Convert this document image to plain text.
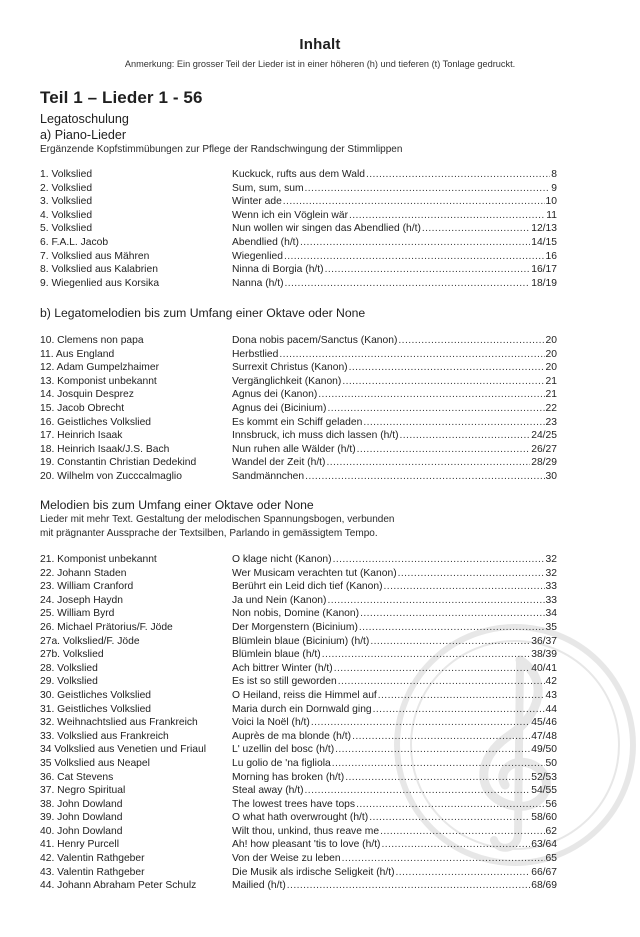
Inhalt
Anmerkung: Ein grosser Teil der Lieder ist in einer höheren (h) und tieferen (t) Tonlage gedruckt.
Teil 1 – Lieder 1 - 56
Legatoschulung
a) Piano-Lieder
Ergänzende Kopfstimmübungen zur Pflege der Randschwingung der Stimmlippen
1. Volkslied	Kuckuck, rufts aus dem Wald .....	8
2. Volkslied	Sum, sum, sum .....	9
3. Volkslied	Winter ade .....	10
4. Volkslied	Wenn ich ein Vöglein wär .....	11
5. Volkslied	Nun wollen wir singen das Abendlied (h/t) .....	12/13
6. F.A.L. Jacob	Abendlied (h/t) .....	14/15
7. Volkslied aus Mähren	Wiegenlied .....	16
8. Volkslied aus Kalabrien	Ninna di Borgia (h/t) .....	16/17
9. Wiegenlied aus Korsika	Nanna (h/t) .....	18/19
b) Legatomelodien bis zum Umfang einer Oktave oder None
10. Clemens non papa	Dona nobis pacem/Sanctus (Kanon) .....	20
11. Aus England	Herbstlied .....	20
12. Adam Gumpelzhaimer	Surrexit Christus (Kanon) .....	20
13. Komponist unbekannt	Vergänglichkeit (Kanon) .....	21
14. Josquin Desprez	Agnus dei (Kanon) .....	21
15. Jacob Obrecht	Agnus dei (Bicinium) .....	22
16. Geistliches Volkslied	Es kommt ein Schiff geladen .....	23
17. Heinrich Isaak	Innsbruck, ich muss dich lassen (h/t) .....	24/25
18. Heinrich Isaak/J.S. Bach	Nun ruhen alle Wälder (h/t) .....	26/27
19. Constantin Christian Dedekind	Wandel der Zeit (h/t) .....	28/29
20. Wilhelm von Zucccalmaglio	Sandmännchen .....	30
Melodien bis zum Umfang einer Oktave oder None
Lieder mit mehr Text. Gestaltung der melodischen Spannungsbogen, verbunden
mit prägnanter Aussprache der Textsilben, Parlando in gemässigtem Tempo.
21. Komponist unbekannt	O klage nicht (Kanon) .....	32
22. Johann Staden	Wer Musicam verachten tut (Kanon) .....	32
23. William Cranford	Berührt ein Leid dich tief (Kanon) .....	33
24. Joseph Haydn	Ja und Nein (Kanon) .....	33
25. William Byrd	Non nobis, Domine (Kanon) .....	34
26. Michael Prätorius/F. Jöde	Der Morgenstern (Bicinium) .....	35
27a. Volkslied/F. Jöde	Blümlein blaue (Bicinium) (h/t) .....	36/37
27b. Volkslied	Blümlein blaue (h/t) .....	38/39
28. Volkslied	Ach bittrer Winter (h/t) .....	40/41
29. Volkslied	Es ist so still geworden .....	42
30. Geistliches Volkslied	O Heiland, reiss die Himmel auf .....	43
31. Geistliches Volkslied	Maria durch ein Dornwald ging .....	44
32. Weihnachtslied aus Frankreich	Voici la Noël (h/t) .....	45/46
33. Volkslied aus Frankreich	Auprès de ma blonde (h/t) .....	47/48
34 Volkslied aus Venetien und Friaul	L' uzellin del bosc (h/t) .....	49/50
35 Volkslied aus Neapel	Lu golio de 'na figliola .....	50
36. Cat Stevens	Morning has broken (h/t) .....	52/53
37. Negro Spiritual	Steal away (h/t) .....	54/55
38. John Dowland	The lowest trees have tops .....	56
39. John Dowland	O what hath overwrought (h/t) .....	58/60
40. John Dowland	Wilt thou, unkind, thus reave me .....	62
41. Henry Purcell	Ah! how pleasant 'tis to love (h/t) .....	63/64
42. Valentin Rathgeber	Von der Weise zu leben .....	65
43. Valentin Rathgeber	Die Musik als irdische Seligkeit (h/t) .....	66/67
44. Johann Abraham Peter Schulz	Mailied (h/t) .....	68/69
